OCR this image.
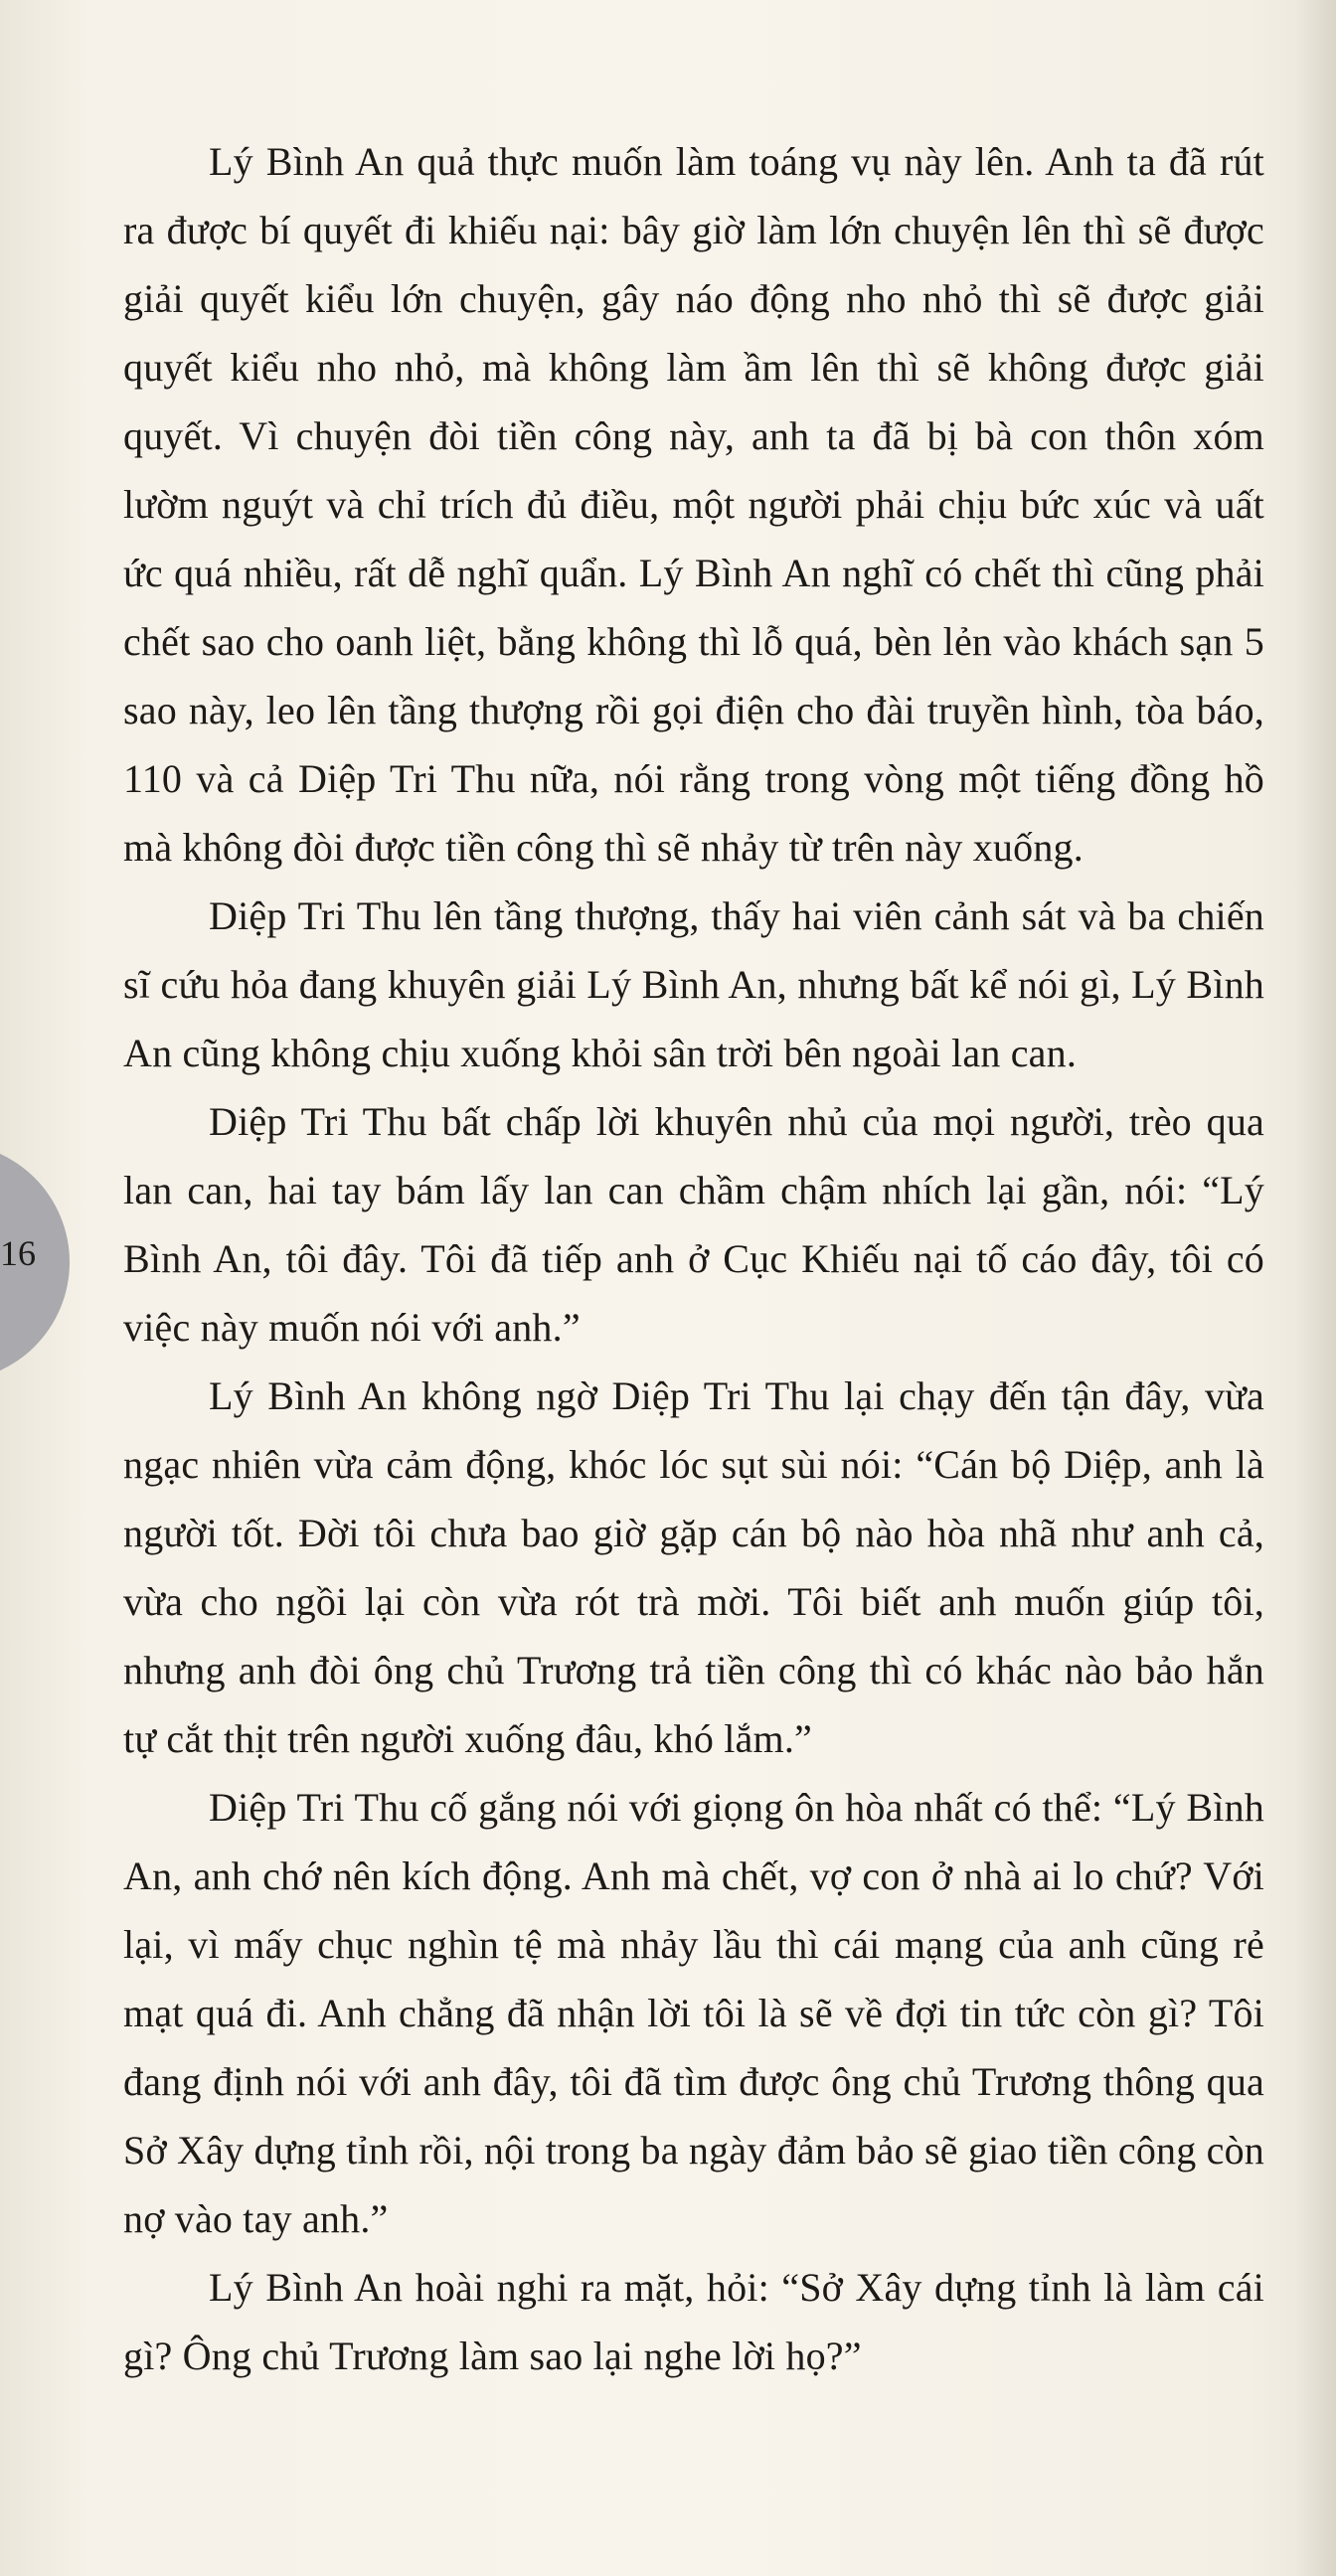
16

Lý Bình An quả thực muốn làm toáng vụ này lên. Anh ta đã rút ra được bí quyết đi khiếu nại: bây giờ làm lớn chuyện lên thì sẽ được giải quyết kiểu lớn chuyện, gây náo động nho nhỏ thì sẽ được giải quyết kiểu nho nhỏ, mà không làm ầm lên thì sẽ không được giải quyết. Vì chuyện đòi tiền công này, anh ta đã bị bà con thôn xóm lườm nguýt và chỉ trích đủ điều, một người phải chịu bức xúc và uất ức quá nhiều, rất dễ nghĩ quẩn. Lý Bình An nghĩ có chết thì cũng phải chết sao cho oanh liệt, bằng không thì lỗ quá, bèn lẻn vào khách sạn 5 sao này, leo lên tầng thượng rồi gọi điện cho đài truyền hình, tòa báo, 110 và cả Diệp Tri Thu nữa, nói rằng trong vòng một tiếng đồng hồ mà không đòi được tiền công thì sẽ nhảy từ trên này xuống.

Diệp Tri Thu lên tầng thượng, thấy hai viên cảnh sát và ba chiến sĩ cứu hỏa đang khuyên giải Lý Bình An, nhưng bất kể nói gì, Lý Bình An cũng không chịu xuống khỏi sân trời bên ngoài lan can.

Diệp Tri Thu bất chấp lời khuyên nhủ của mọi người, trèo qua lan can, hai tay bám lấy lan can chầm chậm nhích lại gần, nói: “Lý Bình An, tôi đây. Tôi đã tiếp anh ở Cục Khiếu nại tố cáo đây, tôi có việc này muốn nói với anh.”

Lý Bình An không ngờ Diệp Tri Thu lại chạy đến tận đây, vừa ngạc nhiên vừa cảm động, khóc lóc sụt sùi nói: “Cán bộ Diệp, anh là người tốt. Đời tôi chưa bao giờ gặp cán bộ nào hòa nhã như anh cả, vừa cho ngồi lại còn vừa rót trà mời. Tôi biết anh muốn giúp tôi, nhưng anh đòi ông chủ Trương trả tiền công thì có khác nào bảo hắn tự cắt thịt trên người xuống đâu, khó lắm.”

Diệp Tri Thu cố gắng nói với giọng ôn hòa nhất có thể: “Lý Bình An, anh chớ nên kích động. Anh mà chết, vợ con ở nhà ai lo chứ? Với lại, vì mấy chục nghìn tệ mà nhảy lầu thì cái mạng của anh cũng rẻ mạt quá đi. Anh chẳng đã nhận lời tôi là sẽ về đợi tin tức còn gì? Tôi đang định nói với anh đây, tôi đã tìm được ông chủ Trương thông qua Sở Xây dựng tỉnh rồi, nội trong ba ngày đảm bảo sẽ giao tiền công còn nợ vào tay anh.”

Lý Bình An hoài nghi ra mặt, hỏi: “Sở Xây dựng tỉnh là làm cái gì? Ông chủ Trương làm sao lại nghe lời họ?”
